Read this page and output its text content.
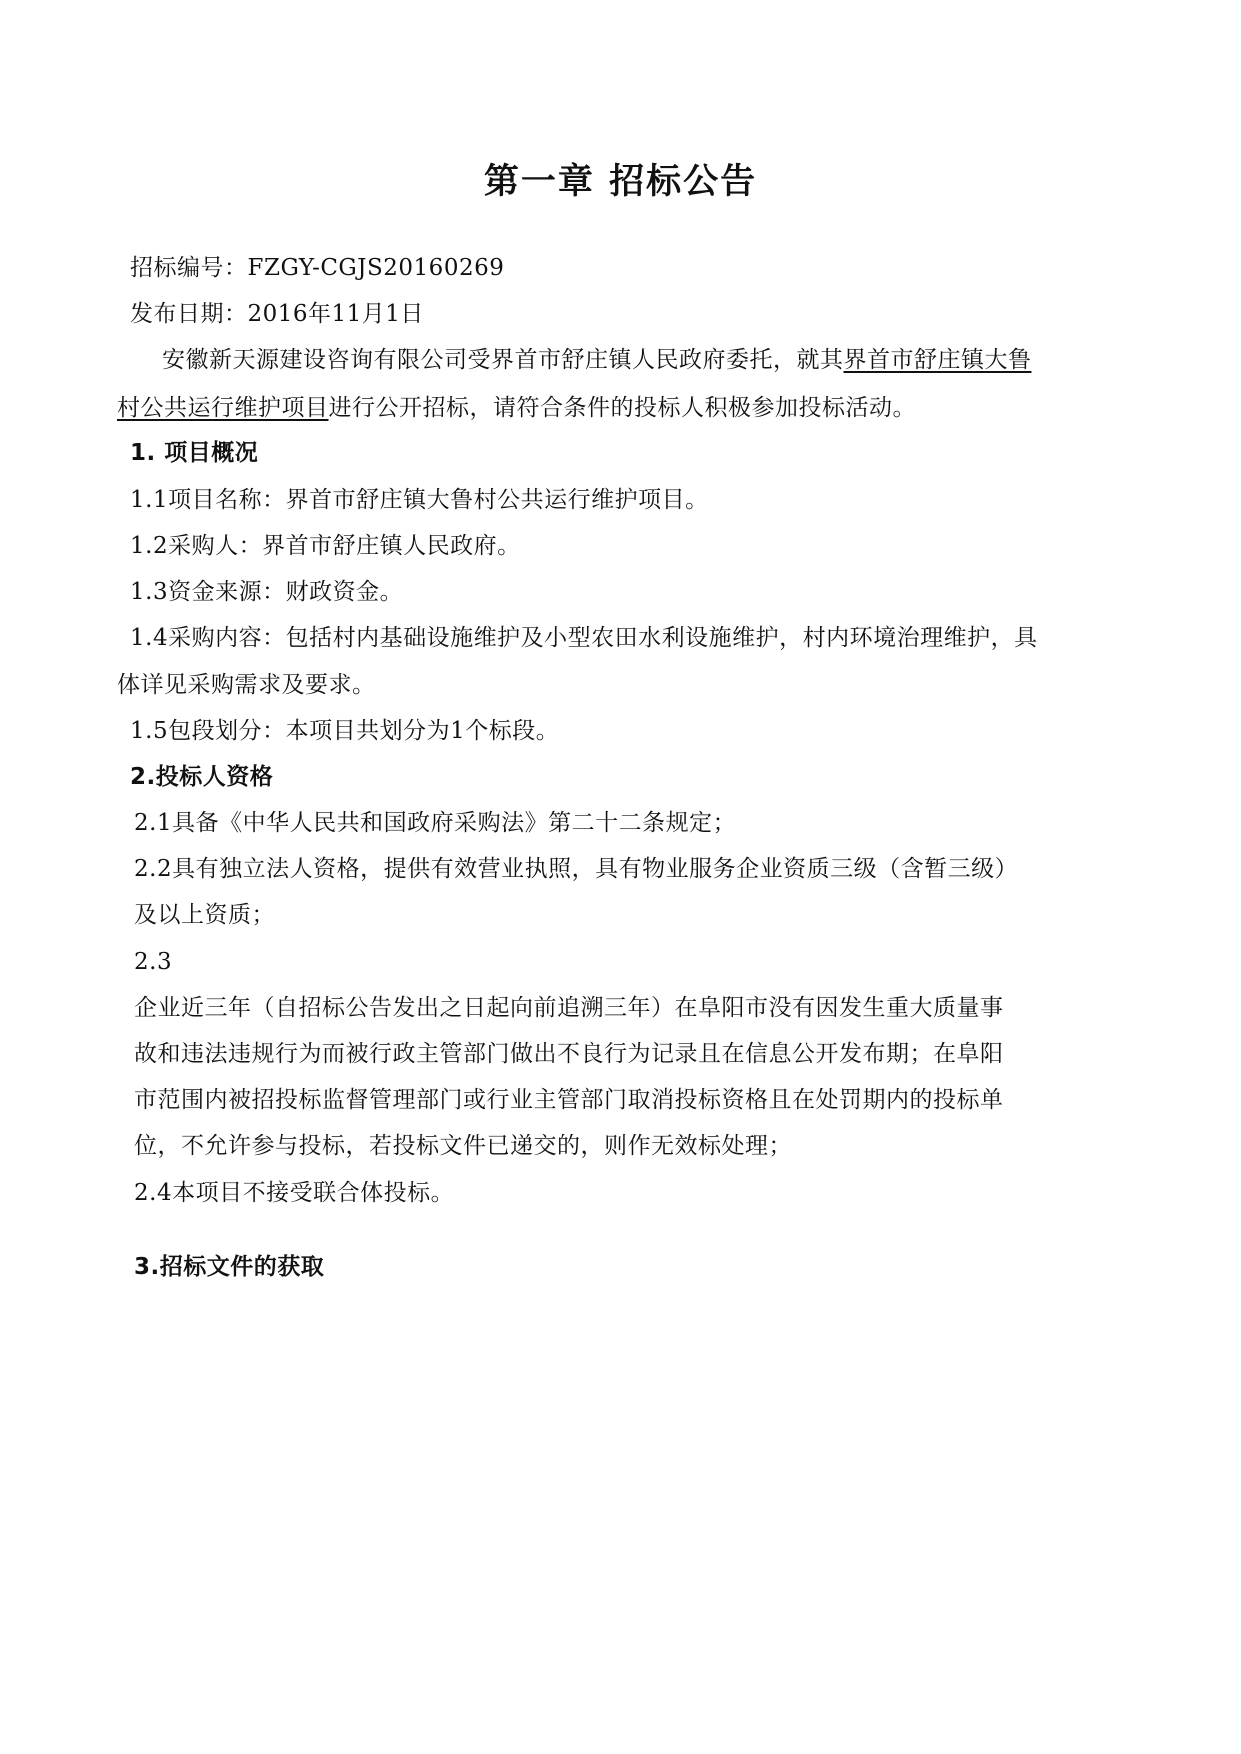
第一章 招标公告
招标编号：FZGY-CGJS20160269
发布日期：2016年11月1日
安徽新天源建设咨询有限公司受界首市舒庄镇人民政府委托，就其界首市舒庄镇大鲁
村公共运行维护项目进行公开招标，请符合条件的投标人积极参加投标活动。
1. 项目概况
1.1项目名称：界首市舒庄镇大鲁村公共运行维护项目。
1.2采购人：界首市舒庄镇人民政府。
1.3资金来源：财政资金。
1.4采购内容：包括村内基础设施维护及小型农田水利设施维护，村内环境治理维护，具
体详见采购需求及要求。
1.5包段划分：本项目共划分为1个标段。
2.投标人资格
2.1具备《中华人民共和国政府采购法》第二十二条规定；
2.2具有独立法人资格，提供有效营业执照，具有物业服务企业资质三级（含暂三级）
及以上资质；
2.3
企业近三年（自招标公告发出之日起向前追溯三年）在阜阳市没有因发生重大质量事
故和违法违规行为而被行政主管部门做出不良行为记录且在信息公开发布期；在阜阳
市范围内被招投标监督管理部门或行业主管部门取消投标资格且在处罚期内的投标单
位，不允许参与投标，若投标文件已递交的，则作无效标处理；
2.4本项目不接受联合体投标。
3.招标文件的获取
